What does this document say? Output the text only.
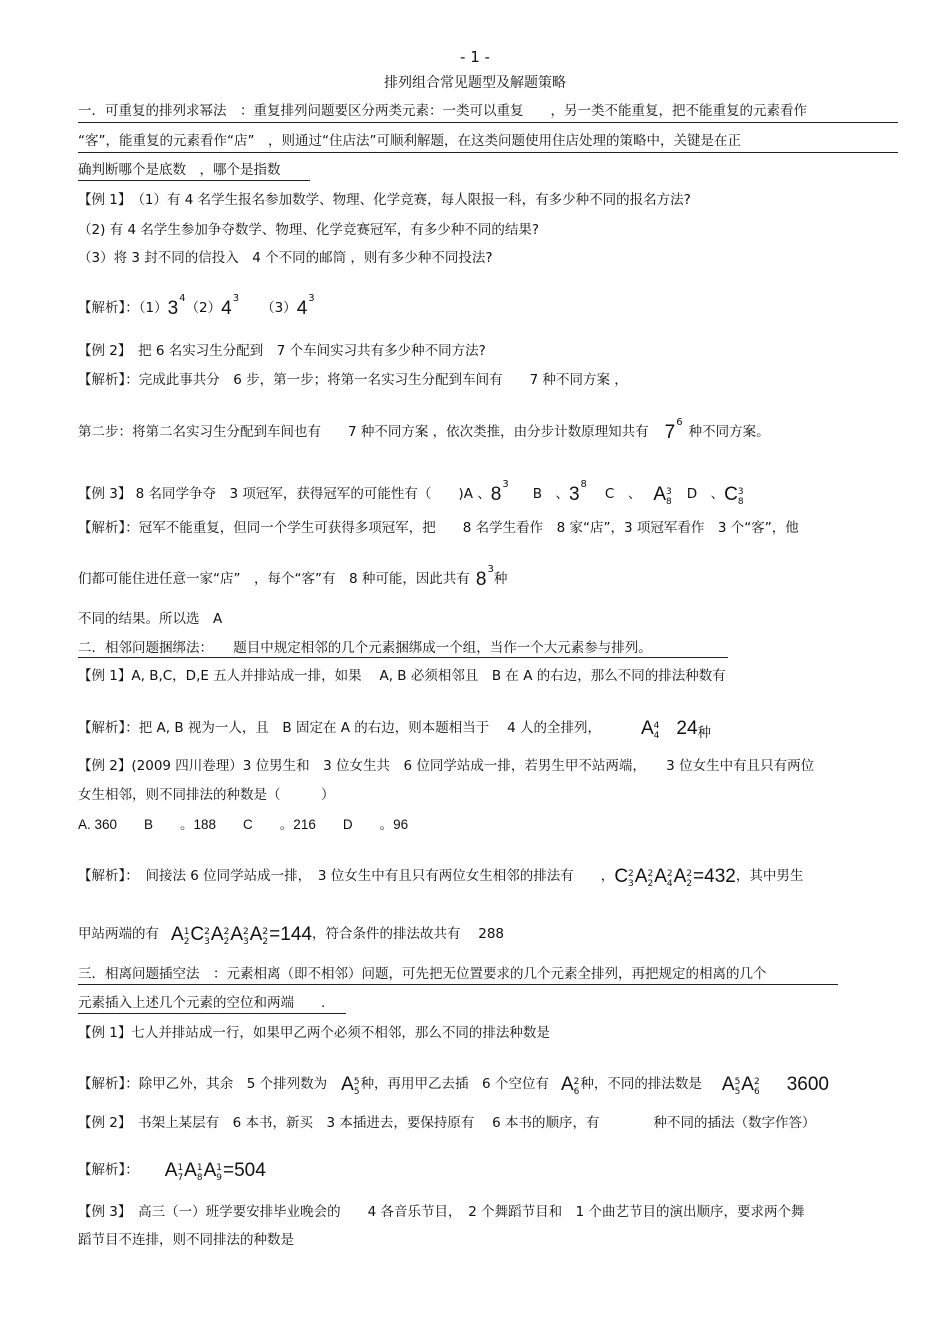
- 1 -
排列组合常见题型及解题策略
一．可重复的排列求幂法　：重复排列问题要区分两类元素：一类可以重复　　，另一类不能重复，把不能重复的元素看作
“客”，能重复的元素看作“店”　，则通过“住店法”可顺利解题，在这类问题使用住店处理的策略中，关键是在正
确判断哪个是底数　，哪个是指数
【例 1】　（1）有 4 名学生报名参加数学、物理、化学竞赛，每人限报一科，有多少种不同的报名方法?
（2) 有 4 名学生参加争夺数学、物理、化学竞赛冠军，有多少种不同的结果?
（3）将 3 封不同的信投入　4 个不同的邮筒 ，则有多少种不同投法?
【解析】：$(1)3^4(2)4^3(3)4^3$
【例 2】　把 6 名实习生分配到　7 个车间实习共有多少种不同方法?
【解析】：完成此事共分　6 步，第一步；将第一名实习生分配到车间有　　7 种不同方案 ，
第二步：将第二名实习生分配到车间也有　　7 种不同方案 ，依次类推，由分步计数原理知共有 $7^6$种不同方案。
【例 3】 8 名同学争夺　3 项冠军，获得冠军的可能性有（　　)A 、$8^3B$　、$3^8C$　、 A 3
8 D　、C 3
8
【解析】：冠军不能重复，但同一个学生可获得多项冠军，把　　8 名学生看作　8 家“店”，3 项冠军看作　3 个“客”，他
们都可能住进任意一家“店”　，每个“客”有　8 种可能，因此共有 $8^3$种
不同的结果。所以选　A
二．相邻问题捆绑法：　　题目中规定相邻的几个元素捆绑成一个组，当作一个大元素参与排列。
【例 1】A, B,C，D,E 五人并排站成一排，如果　 A, B 必须相邻且　B 在 A 的右边，那么不同的排法种数有
【解析】：把 A, B 视为一人，且　B 固定在 A 的右边，则本题相当于　 4 人的全排列， A 4
4 24种
【例 2】(2009 四川卷理）3 位男生和　3 位女生共　6 位同学站成一排，若男生甲不站两端，　　3 位女生中有且只有两位
女生相邻，则不同排法的种数是（　　　）
A. 360　　B　　。188　　C　　。216　　D　　。96
【解析】：　间接法 6 位同学站成一排，　3 位女生中有且只有两位女生相邻的排法有　　，C 2
3 A 2
2 A 2
4 A 2
2 =432，其中男生
甲站两端的有 A 1
2 C 2
3 A 2
2 A 2
3 A 2
2 =144，符合条件的排法故共有　 288
三．相离问题插空法　：元素相离（即不相邻）问题，可先把无位置要求的几个元素全排列，再把规定的相离的几个
元素插入上述几个元素的空位和两端　　.
【例 1】七人并排站成一行，如果甲乙两个必须不相邻，那么不同的排法种数是
【解析】：除甲乙外，其余　5 个排列数为 A 5
5 种，再用甲乙去插　6 个空位有 A 2
6 种，不同的排法数是 A 5
5 A 2
6 3600
【例 2】　书架上某层有　6 本书，新买　3 本插进去，要保持原有　 6 本书的顺序，有　　　　种不同的插法（数字作答）
【解析】： A 1
7 A 1
8 A 1
9 =504
【例 3】　高三（一）班学要安排毕业晚会的　　4 各音乐节目，　2 个舞蹈节目和　1 个曲艺节目的演出顺序，要求两个舞
蹈节目不连排，则不同排法的种数是
